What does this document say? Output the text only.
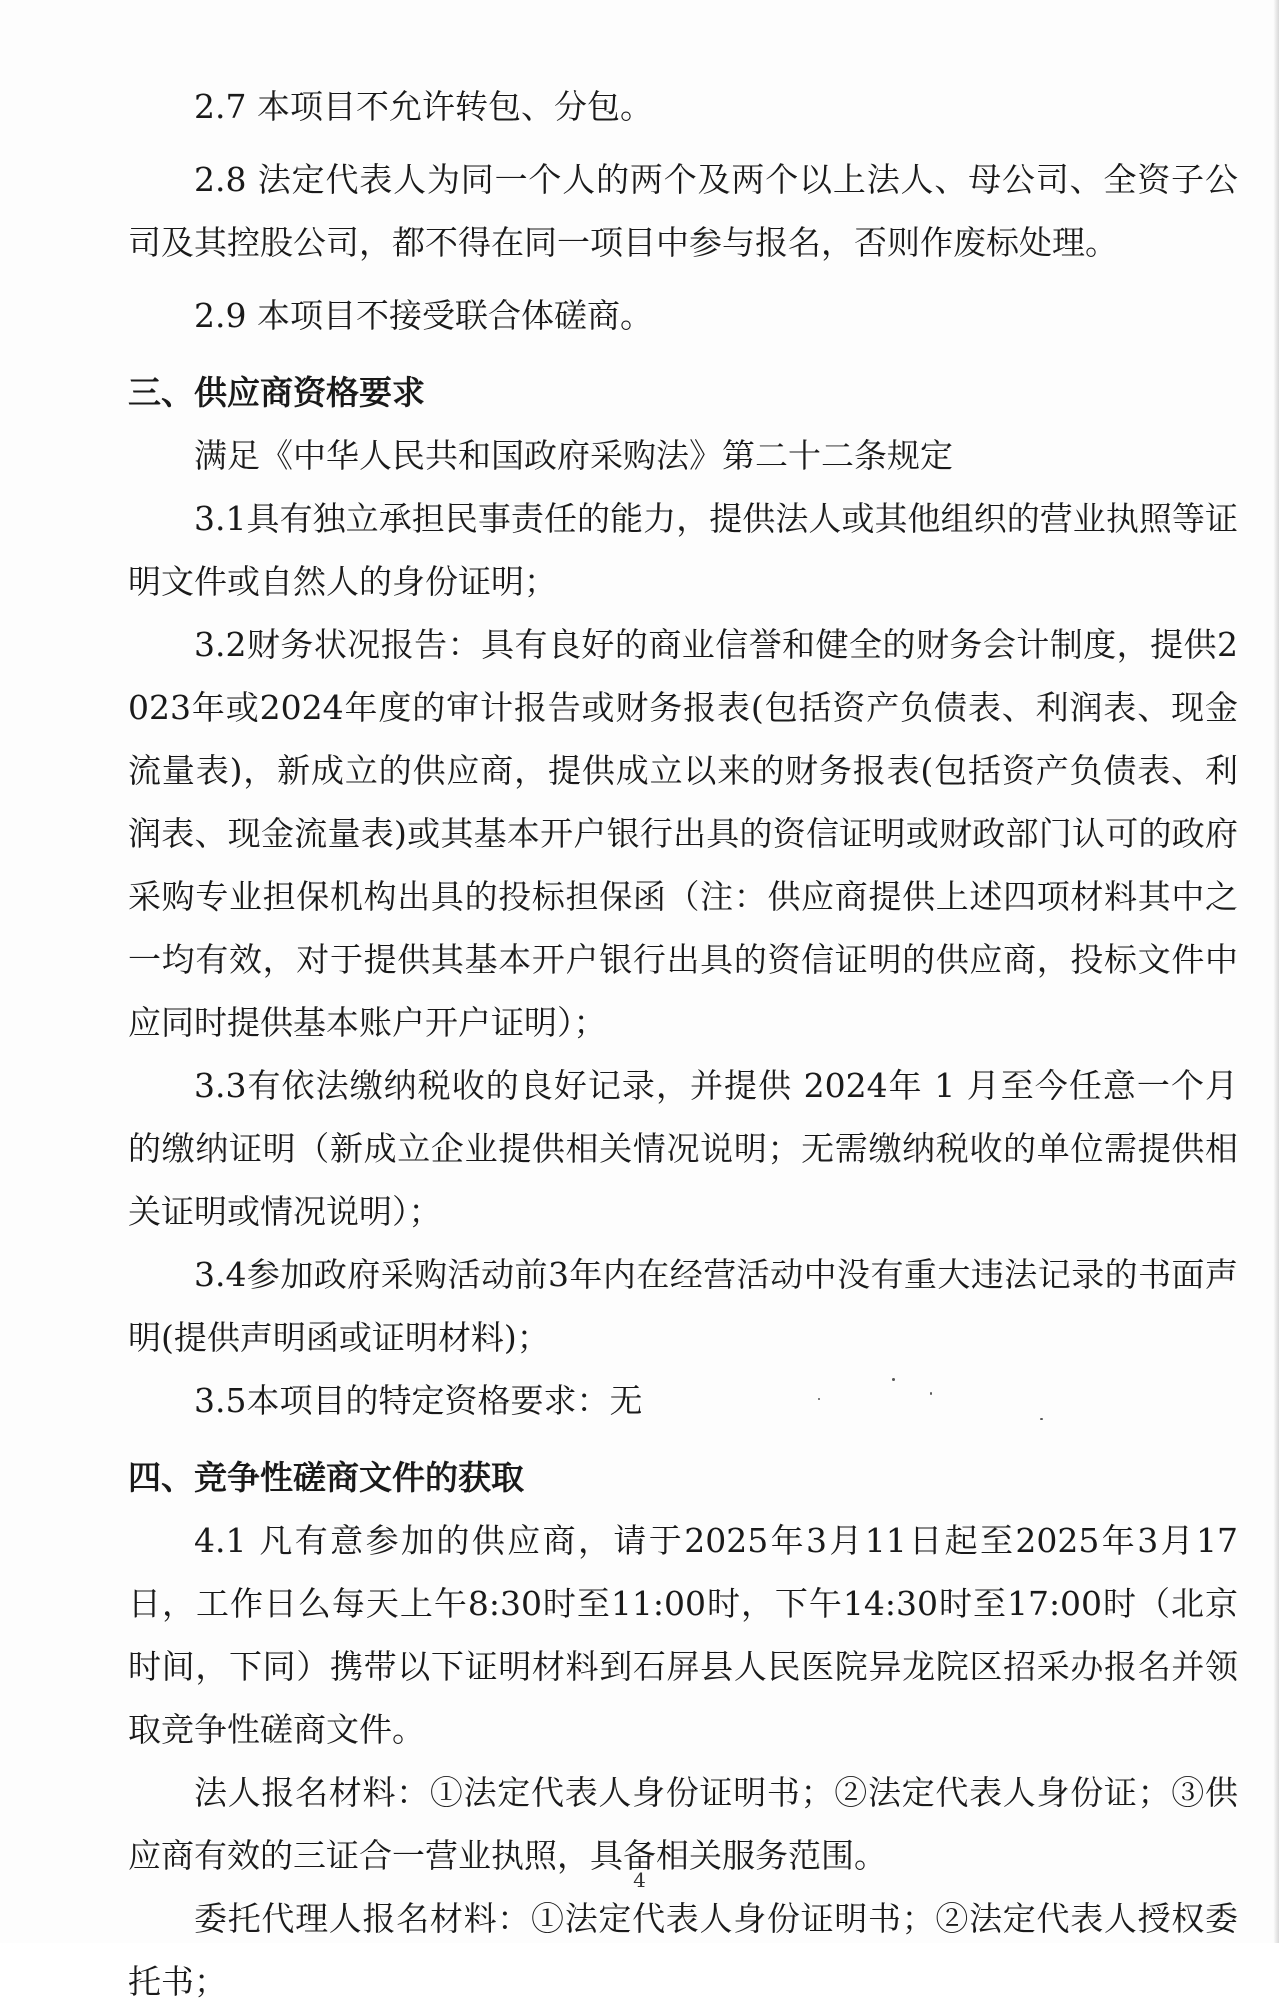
2.7 本项目不允许转包、分包。

2.8 法定代表人为同一个人的两个及两个以上法人、母公司、全资子公司及其控股公司，都不得在同一项目中参与报名，否则作废标处理。

2.9 本项目不接受联合体磋商。

三、供应商资格要求

满足《中华人民共和国政府采购法》第二十二条规定

3.1具有独立承担民事责任的能力，提供法人或其他组织的营业执照等证明文件或自然人的身份证明；

3.2财务状况报告：具有良好的商业信誉和健全的财务会计制度，提供2023年或2024年度的审计报告或财务报表(包括资产负债表、利润表、现金流量表)，新成立的供应商，提供成立以来的财务报表(包括资产负债表、利润表、现金流量表)或其基本开户银行出具的资信证明或财政部门认可的政府采购专业担保机构出具的投标担保函（注：供应商提供上述四项材料其中之一均有效，对于提供其基本开户银行出具的资信证明的供应商，投标文件中应同时提供基本账户开户证明）；

3.3有依法缴纳税收的良好记录，并提供 2024年 1 月至今任意一个月的缴纳证明（新成立企业提供相关情况说明；无需缴纳税收的单位需提供相关证明或情况说明）；

3.4参加政府采购活动前3年内在经营活动中没有重大违法记录的书面声明(提供声明函或证明材料)；

3.5本项目的特定资格要求：无

四、竞争性磋商文件的获取

4.1 凡有意参加的供应商，请于2025年3月11日起至2025年3月17日，工作日么每天上午8:30时至11:00时，下午14:30时至17:00时（北京时间，下同）携带以下证明材料到石屏县人民医院异龙院区招采办报名并领取竞争性磋商文件。

法人报名材料：①法定代表人身份证明书；②法定代表人身份证；③供应商有效的三证合一营业执照，具备相关服务范围。

委托代理人报名材料：①法定代表人身份证明书；②法定代表人授权委托书；

4
